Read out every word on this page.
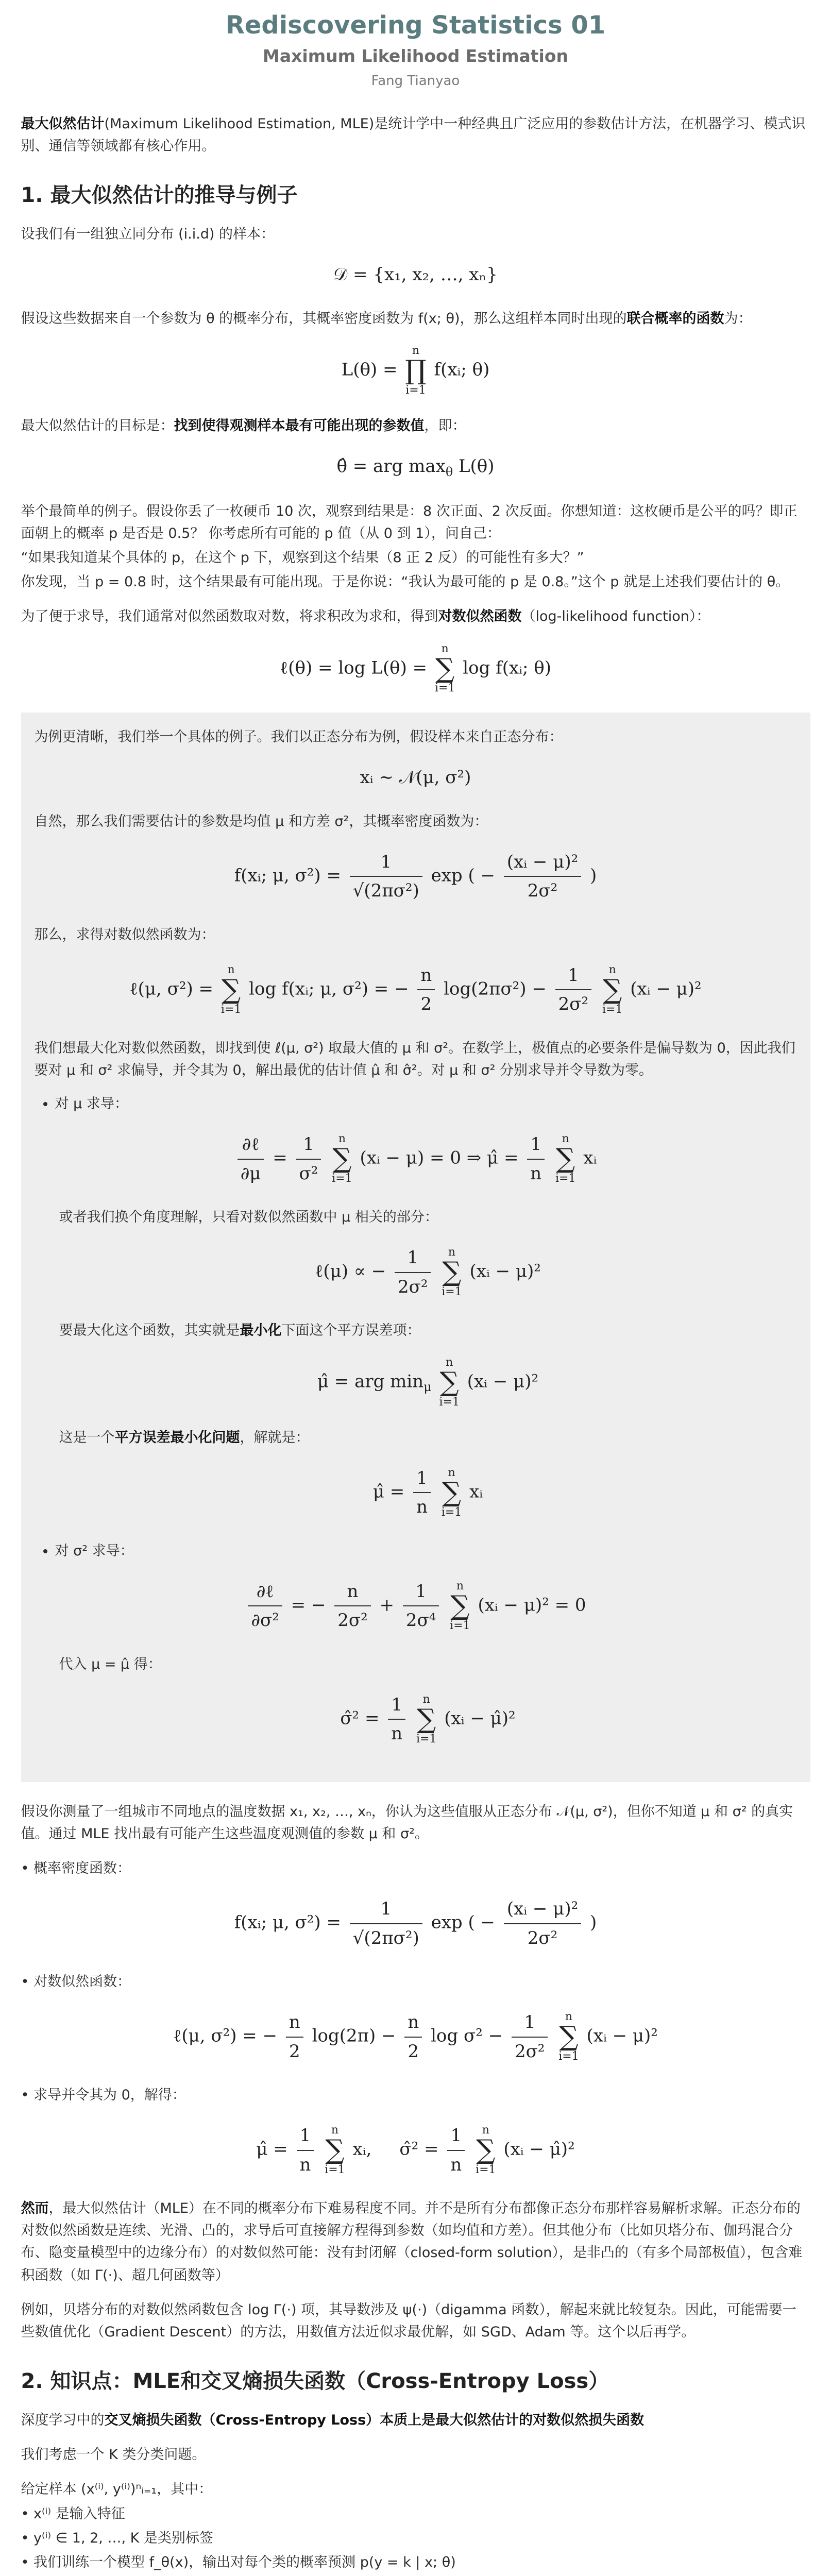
Rediscovering Statistics 01
Maximum Likelihood Estimation
Fang Tianyao

最大似然估计(Maximum Likelihood Estimation, MLE)是统计学中一种经典且广泛应用的参数估计方法，在机器学习、模式识别、通信等领域都有核心作用。

1. 最大似然估计的推导与例子

设我们有一组独立同分布 (i.i.d) 的样本：

𝒟 = {x₁, x₂, …, xₙ}

假设这些数据来自一个参数为 θ 的概率分布，其概率密度函数为 f(x; θ)，那么这组样本同时出现的联合概率的函数为：

L(θ) = n
∏
i=1 f(xᵢ; θ)

最大似然估计的目标是：找到使得观测样本最有可能出现的参数值，即：

θ̂ = arg $\max_\theta L(\theta)$

举个最简单的例子。假设你丢了一枚硬币 10 次，观察到结果是：8 次正面、2 次反面。你想知道：这枚硬币是公平的吗？即正面朝上的概率 p 是否是 0.5？ 你考虑所有可能的 p 值（从 0 到 1），问自己：

“如果我知道某个具体的 p，在这个 p 下，观察到这个结果（8 正 2 反）的可能性有多大？”

你发现，当 p = 0.8 时，这个结果最有可能出现。于是你说：“我认为最可能的 p 是 0.8。”这个 p 就是上述我们要估计的 θ。

为了便于求导，我们通常对似然函数取对数，将求积改为求和，得到对数似然函数（log-likelihood function）：

ℓ(θ) = log L(θ) = n
∑
i=1 log f(xᵢ; θ)

为例更清晰，我们举一个具体的例子。我们以正态分布为例，假设样本来自正态分布：

xᵢ ∼ 𝒩(μ, σ²)

自然，那么我们需要估计的参数是均值 μ 和方差 σ²，其概率密度函数为：

f(xᵢ; μ, $\sigma^2) = \frac{1}{\text{√(2πσ²)}}$ exp ( − $\frac{\text{(xᵢ − μ)²}}{\text{2σ²}}$ )

那么，求得对数似然函数为：

ℓ(μ, σ²) = n
∑
i=1 log f(xᵢ; μ, σ²) = − $\frac{n}{2} \log(2\pi\sigma^2) - \frac{1}{\text{2σ²}}$ n
∑
i=1 (xᵢ − μ)²

我们想最大化对数似然函数，即找到使 ℓ(μ, σ²) 取最大值的 μ 和 σ²。在数学上，极值点的必要条件是偏导数为 0，因此我们要对 μ 和 σ² 求偏导，并令其为 0，解出最优的估计值 μ̂ 和 σ̂²。对 μ 和 σ² 分别求导并令导数为零。

• 对 μ 求导：
$\frac{\text{∂ℓ}}{\partial\mu} = \frac{1}{\text{σ²}}$ n
∑
i=1 (xᵢ − μ) = 0 ⇒ μ̂ = $\frac{1}{n}$ n
∑
i=1 xᵢ

或者我们换个角度理解，只看对数似然函数中 μ 相关的部分：

ℓ(μ) ∝ − $\frac{1}{\text{2σ²}}$ n
∑
i=1 (xᵢ − μ)²

要最大化这个函数，其实就是最小化下面这个平方误差项：

μ̂ = arg $\min_\mu n$
∑
i=1 (xᵢ − μ)²

这是一个平方误差最小化问题，解就是：

μ̂ = $\frac{1}{n}$ n
∑
i=1 xᵢ
• 对 σ² 求导：
$\frac{\text{∂ℓ}}{\text{∂σ²}}$ = − $\frac{n}{\text{2σ²}} + \frac{1}{\text{2σ⁴}}$ n
∑
i=1 (xᵢ − μ)² = 0

代入 μ = μ̂ 得：

σ̂² = $\frac{1}{n}$ n
∑
i=1 (xᵢ − μ̂)²

假设你测量了一组城市不同地点的温度数据 x₁, x₂, …, xₙ，你认为这些值服从正态分布 𝒩(μ, σ²)，但你不知道 μ 和 σ² 的真实值。通过 MLE 找出最有可能产生这些温度观测值的参数 μ 和 σ²。

• 概率密度函数：

f(xᵢ; μ, $\sigma^2) = \frac{1}{\text{√(2πσ²)}}$ exp ( − $\frac{\text{(xᵢ − μ)²}}{\text{2σ²}}$ )

• 对数似然函数：

ℓ(μ, σ²) = − $\frac{n}{2} \log(2\pi) - \frac{n}{2}$ $\log \sigma^2 - \frac{1}{\text{2σ²}}$ n
∑
i=1 (xᵢ − μ)²

• 求导并令其为 0，解得：

μ̂ = $\frac{1}{n}$ n
∑
i=1 xᵢ, σ̂² = $\frac{1}{n}$ n
∑
i=1 (xᵢ − μ̂)²

然而，最大似然估计（MLE）在不同的概率分布下难易程度不同。并不是所有分布都像正态分布那样容易解析求解。正态分布的对数似然函数是连续、光滑、凸的，求导后可直接解方程得到参数（如均值和方差）。但其他分布（比如贝塔分布、伽玛混合分布、隐变量模型中的边缘分布）的对数似然可能：没有封闭解（closed-form solution），是非凸的（有多个局部极值），包含难积函数（如 Γ(·)、超几何函数等）

例如，贝塔分布的对数似然函数包含 log Γ(·) 项，其导数涉及 ψ(·)（digamma 函数），解起来就比较复杂。因此，可能需要一些数值优化（Gradient Descent）的方法，用数值方法近似求最优解，如 SGD、Adam 等。这个以后再学。

2. 知识点：MLE和交叉熵损失函数（Cross-Entropy Loss）

深度学习中的交叉熵损失函数（Cross-Entropy Loss）本质上是最大似然估计的对数似然损失函数

我们考虑一个 K 类分类问题。

给定样本 (x⁽ⁱ⁾, y⁽ⁱ⁾)ⁿᵢ₌₁，其中：

• x⁽ⁱ⁾ 是输入特征

• y⁽ⁱ⁾ ∈ 1, 2, …, K 是类别标签

• 我们训练一个模型 f_θ(x)，输出对每个类的概率预测 p(y = k | x; θ)
